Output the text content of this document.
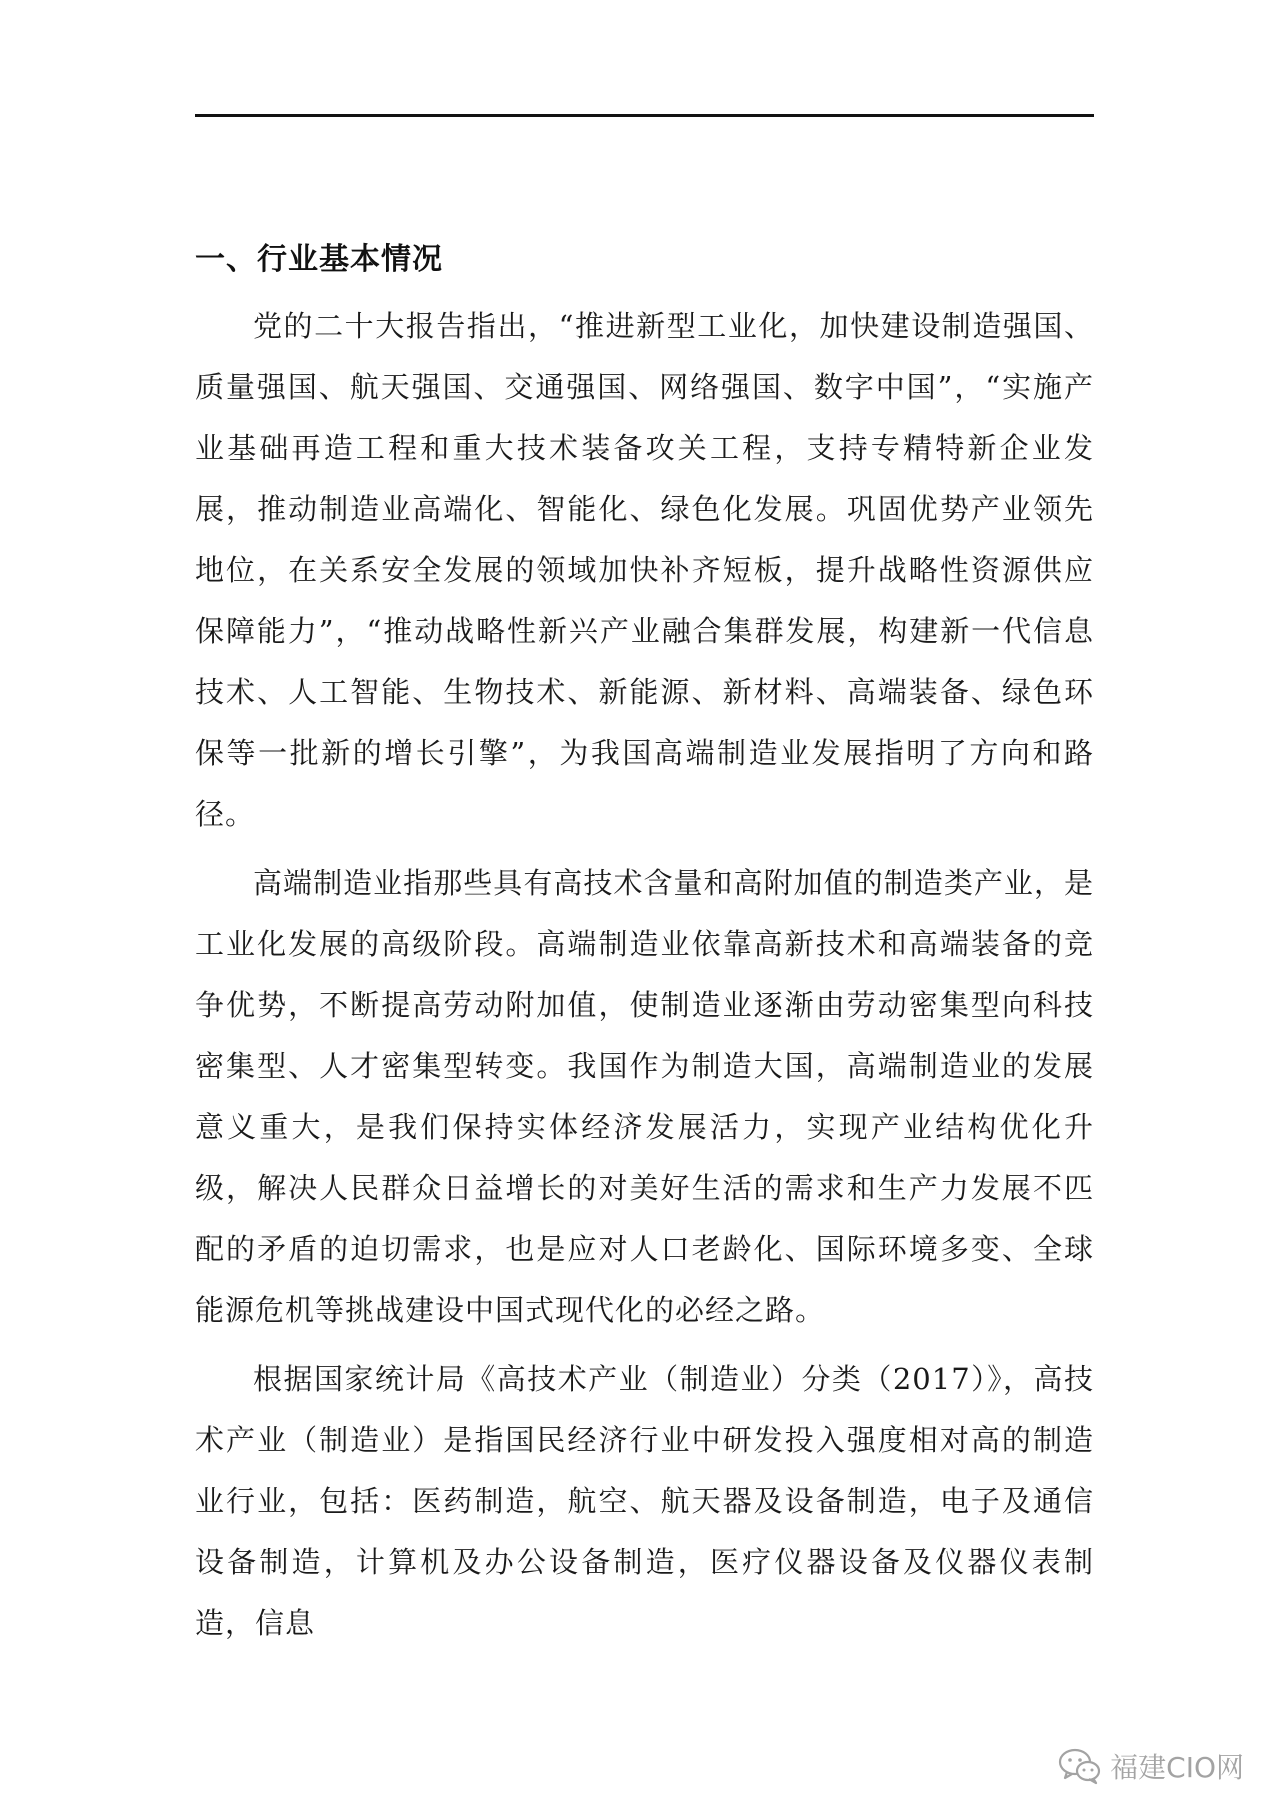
一、行业基本情况

党的二十大报告指出，“推进新型工业化，加快建设制造强国、质量强国、航天强国、交通强国、网络强国、数字中国”，“实施产业基础再造工程和重大技术装备攻关工程，支持专精特新企业发展，推动制造业高端化、智能化、绿色化发展。巩固优势产业领先地位，在关系安全发展的领域加快补齐短板，提升战略性资源供应保障能力”，“推动战略性新兴产业融合集群发展，构建新一代信息技术、人工智能、生物技术、新能源、新材料、高端装备、绿色环保等一批新的增长引擎”，为我国高端制造业发展指明了方向和路径。

高端制造业指那些具有高技术含量和高附加值的制造类产业，是工业化发展的高级阶段。高端制造业依靠高新技术和高端装备的竞争优势，不断提高劳动附加值，使制造业逐渐由劳动密集型向科技密集型、人才密集型转变。我国作为制造大国，高端制造业的发展意义重大，是我们保持实体经济发展活力，实现产业结构优化升级，解决人民群众日益增长的对美好生活的需求和生产力发展不匹配的矛盾的迫切需求，也是应对人口老龄化、国际环境多变、全球能源危机等挑战建设中国式现代化的必经之路。

根据国家统计局《高技术产业（制造业）分类（2017）》，高技术产业（制造业）是指国民经济行业中研发投入强度相对高的制造业行业，包括：医药制造，航空、航天器及设备制造，电子及通信设备制造，计算机及办公设备制造，医疗仪器设备及仪器仪表制造，信息

福建CIO网
